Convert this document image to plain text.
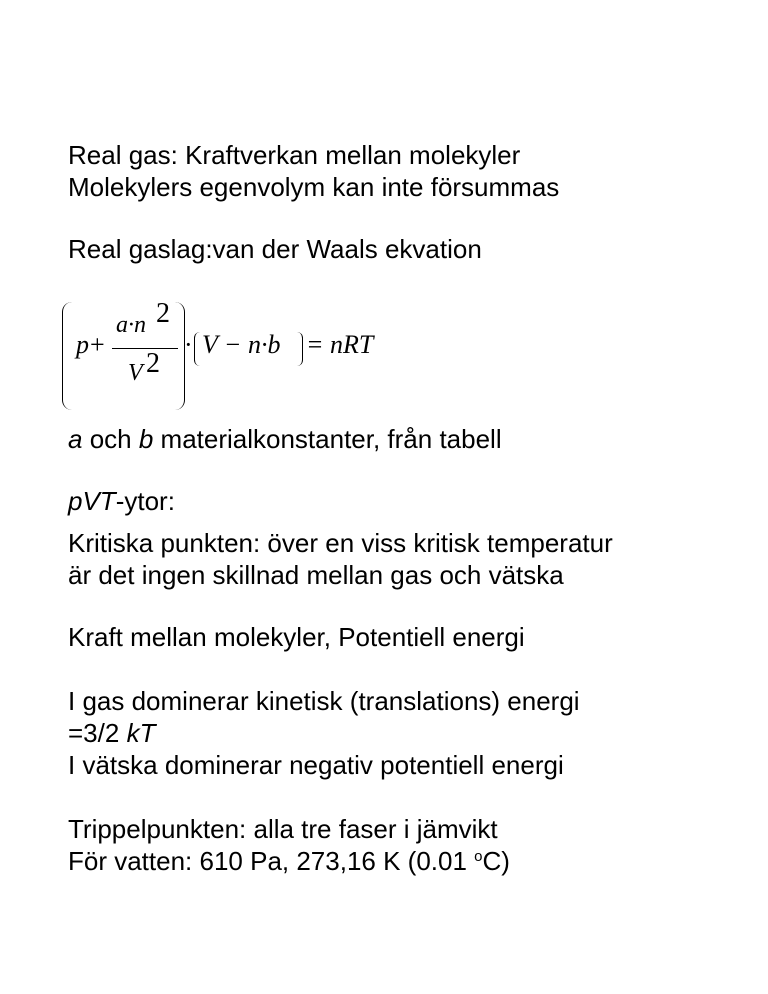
Real gas: Kraftverkan mellan molekyler
Molekylers egenvolym kan inte försummas
Real gaslag:van der Waals ekvation
p +
a·n 2
V 2
· V − n·b = nRT
a och b materialkonstanter, från tabell
pVT-ytor:
Kritiska punkten: över en viss kritisk temperatur
är det ingen skillnad mellan gas och vätska
Kraft mellan molekyler, Potentiell energi
I gas dominerar kinetisk (translations) energi
=3/2 kT
I vätska dominerar negativ potentiell energi
Trippelpunkten: alla tre faser i jämvikt
För vatten: 610 Pa, 273,16 K (0.01 $^o$C)
